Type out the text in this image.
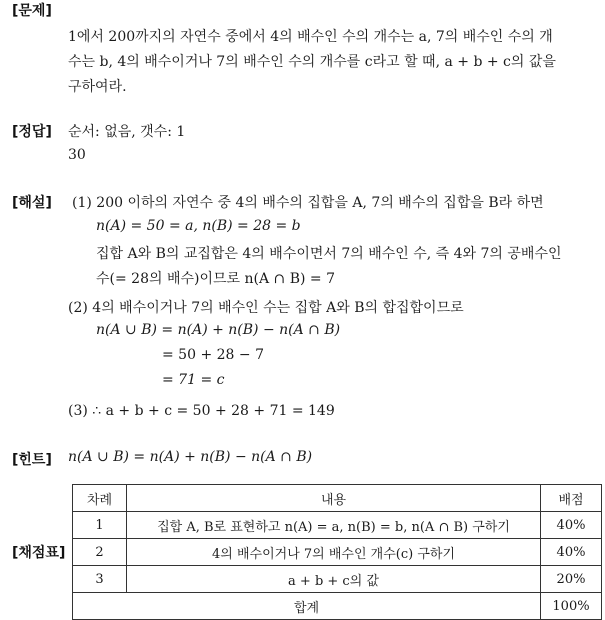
[문제]
1에서 200까지의 자연수 중에서 4의 배수인 수의 개수는 a, 7의 배수인 수의 개
수는 b, 4의 배수이거나 7의 배수인 수의 개수를 c라고 할 때, a + b + c의 값을
구하여라.
[정답] 순서: 없음, 갯수: 1
30
[해설] (1) 200 이하의 자연수 중 4의 배수의 집합을 A, 7의 배수의 집합을 B라 하면
n(A) = 50 = a, n(B) = 28 = b
집합 A와 B의 교집합은 4의 배수이면서 7의 배수인 수, 즉 4와 7의 공배수인
수(= 28의 배수)이므로 n(A ∩ B) = 7
(2) 4의 배수이거나 7의 배수인 수는 집합 A와 B의 합집합이므로
n(A ∪ B) = n(A) + n(B) − n(A ∩ B)
= 50 + 28 − 7
= 71 = c
(3) ∴ a + b + c = 50 + 28 + 71 = 149
[힌트] n(A ∪ B) = n(A) + n(B) − n(A ∩ B)
[채점표]
차례	내용	배점
1	집합 A, B로 표현하고 n(A) = a, n(B) = b, n(A ∩ B) 구하기	40%
2	4의 배수이거나 7의 배수인 개수(c) 구하기	40%
3	a + b + c의 값	20%
합계		100%
